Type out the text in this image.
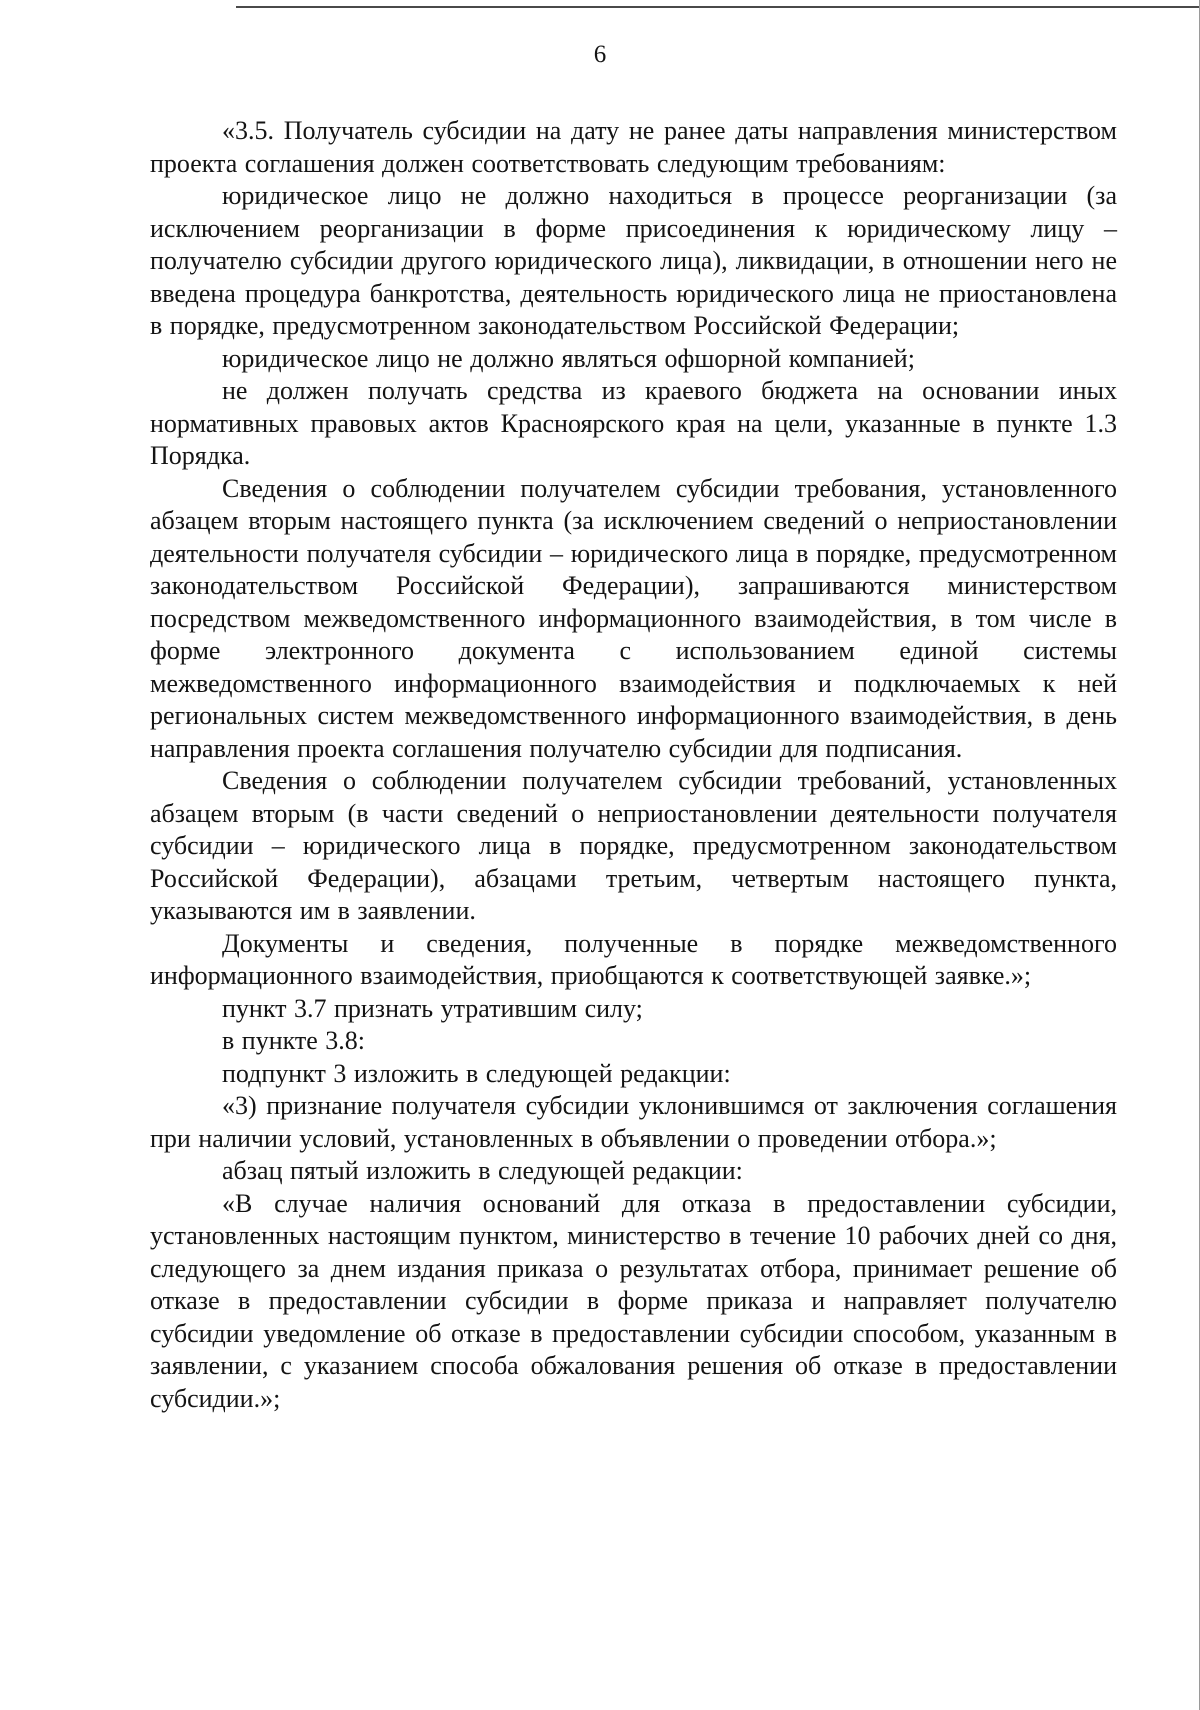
6

«3.5. Получатель субсидии на дату не ранее даты направления министерством проекта соглашения должен соответствовать следующим требованиям:

юридическое лицо не должно находиться в процессе реорганизации (за исключением реорганизации в форме присоединения к юридическому лицу – получателю субсидии другого юридического лица), ликвидации, в отношении него не введена процедура банкротства, деятельность юридического лица не приостановлена в порядке, предусмотренном законодательством Российской Федерации;

юридическое лицо не должно являться офшорной компанией;

не должен получать средства из краевого бюджета на основании иных нормативных правовых актов Красноярского края на цели, указанные в пункте 1.3 Порядка.

Сведения о соблюдении получателем субсидии требования, установленного абзацем вторым настоящего пункта (за исключением сведений о неприостановлении деятельности получателя субсидии – юридического лица в порядке, предусмотренном законодательством Российской Федерации), запрашиваются министерством посредством межведомственного информационного взаимодействия, в том числе в форме электронного документа с использованием единой системы межведомственного информационного взаимодействия и подключаемых к ней региональных систем межведомственного информационного взаимодействия, в день направления проекта соглашения получателю субсидии для подписания.

Сведения о соблюдении получателем субсидии требований, установленных абзацем вторым (в части сведений о неприостановлении деятельности получателя субсидии – юридического лица в порядке, предусмотренном законодательством Российской Федерации), абзацами третьим, четвертым настоящего пункта, указываются им в заявлении.

Документы и сведения, полученные в порядке межведомственного информационного взаимодействия, приобщаются к соответствующей заявке.»;

пункт 3.7 признать утратившим силу;

в пункте 3.8:

подпункт 3 изложить в следующей редакции:

«3) признание получателя субсидии уклонившимся от заключения соглашения при наличии условий, установленных в объявлении о проведении отбора.»;

абзац пятый изложить в следующей редакции:

«В случае наличия оснований для отказа в предоставлении субсидии, установленных настоящим пунктом, министерство в течение 10 рабочих дней со дня, следующего за днем издания приказа о результатах отбора, принимает решение об отказе в предоставлении субсидии в форме приказа и направляет получателю субсидии уведомление об отказе в предоставлении субсидии способом, указанным в заявлении, с указанием способа обжалования решения об отказе в предоставлении субсидии.»;
